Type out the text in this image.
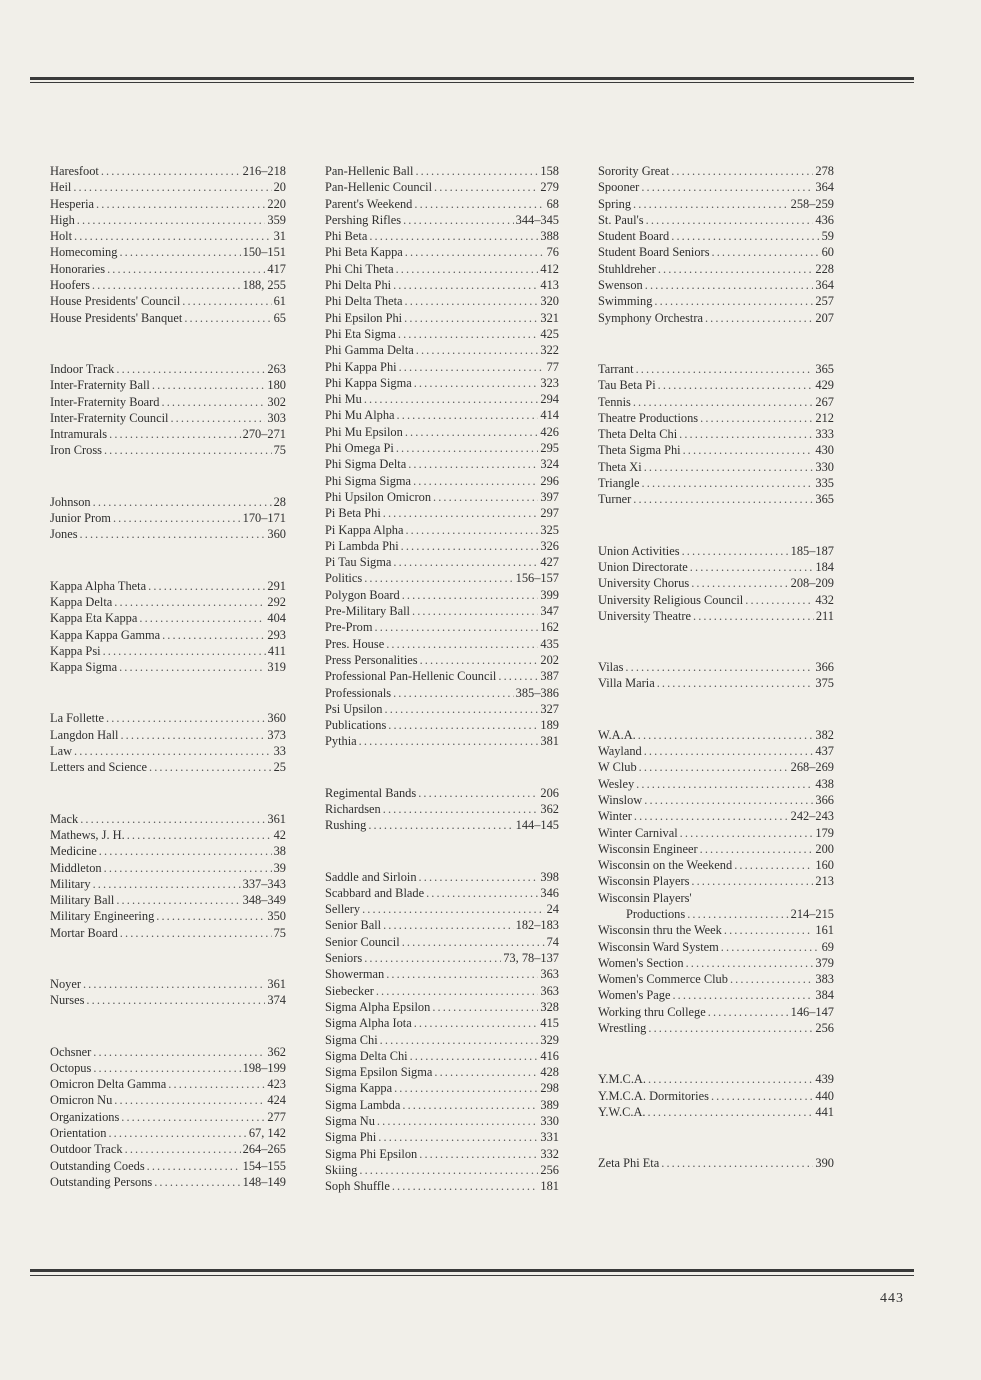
Haresfoot . . .	216–218
Heil . . .	20
Hesperia . . .	220
High . . .	359
Holt . . .	31
Homecoming . . .	150–151
Honoraries . . .	417
Hoofers . . .	188, 255
House Presidents' Council . . .	61
House Presidents' Banquet . . .	65
Indoor Track . . .	263
Inter-Fraternity Ball . . .	180
Inter-Fraternity Board . . .	302
Inter-Fraternity Council . . .	303
Intramurals . . .	270–271
Iron Cross . . .	75
Johnson . . .	28
Junior Prom . . .	170–171
Jones . . .	360
Kappa Alpha Theta . . .	291
Kappa Delta . . .	292
Kappa Eta Kappa . . .	404
Kappa Kappa Gamma . . .	293
Kappa Psi . . .	411
Kappa Sigma . . .	319
La Follette . . .	360
Langdon Hall . . .	373
Law . . .	33
Letters and Science . . .	25
Mack . . .	361
Mathews, J. H. . . .	42
Medicine . . .	38
Middleton . . .	39
Military . . .	337–343
Military Ball . . .	348–349
Military Engineering . . .	350
Mortar Board . . .	75
Noyer . . .	361
Nurses . . .	374
Ochsner . . .	362
Octopus . . .	198–199
Omicron Delta Gamma . . .	423
Omicron Nu . . .	424
Organizations . . .	277
Orientation . . .	67, 142
Outdoor Track . . .	264–265
Outstanding Coeds . . .	154–155
Outstanding Persons . . .	148–149
Pan-Hellenic Ball . . .	158
Pan-Hellenic Council . . .	279
Parent's Weekend . . .	68
Pershing Rifles . . .	344–345
Phi Beta . . .	388
Phi Beta Kappa . . .	76
Phi Chi Theta . . .	412
Phi Delta Phi . . .	413
Phi Delta Theta . . .	320
Phi Epsilon Phi . . .	321
Phi Eta Sigma . . .	425
Phi Gamma Delta . . .	322
Phi Kappa Phi . . .	77
Phi Kappa Sigma . . .	323
Phi Mu . . .	294
Phi Mu Alpha . . .	414
Phi Mu Epsilon . . .	426
Phi Omega Pi . . .	295
Phi Sigma Delta . . .	324
Phi Sigma Sigma . . .	296
Phi Upsilon Omicron . . .	397
Pi Beta Phi . . .	297
Pi Kappa Alpha . . .	325
Pi Lambda Phi . . .	326
Pi Tau Sigma . . .	427
Politics . . .	156–157
Polygon Board . . .	399
Pre-Military Ball . . .	347
Pre-Prom . . .	162
Pres. House . . .	435
Press Personalities . . .	202
Professional Pan-Hellenic Council . . .	387
Professionals . . .	385–386
Psi Upsilon . . .	327
Publications . . .	189
Pythia . . .	381
Regimental Bands . . .	206
Richardsen . . .	362
Rushing . . .	144–145
Saddle and Sirloin . . .	398
Scabbard and Blade . . .	346
Sellery . . .	24
Senior Ball . . .	182–183
Senior Council . . .	74
Seniors . . .	73, 78–137
Showerman . . .	363
Siebecker . . .	363
Sigma Alpha Epsilon . . .	328
Sigma Alpha Iota . . .	415
Sigma Chi . . .	329
Sigma Delta Chi . . .	416
Sigma Epsilon Sigma . . .	428
Sigma Kappa . . .	298
Sigma Lambda . . .	389
Sigma Nu . . .	330
Sigma Phi . . .	331
Sigma Phi Epsilon . . .	332
Skiing . . .	256
Soph Shuffle . . .	181
Sorority Great . . .	278
Spooner . . .	364
Spring . . .	258–259
St. Paul's . . .	436
Student Board . . .	59
Student Board Seniors . . .	60
Stuhldreher . . .	228
Swenson . . .	364
Swimming . . .	257
Symphony Orchestra . . .	207
Tarrant . . .	365
Tau Beta Pi . . .	429
Tennis . . .	267
Theatre Productions . . .	212
Theta Delta Chi . . .	333
Theta Sigma Phi . . .	430
Theta Xi . . .	330
Triangle . . .	335
Turner . . .	365
Union Activities . . .	185–187
Union Directorate . . .	184
University Chorus . . .	208–209
University Religious Council . . .	432
University Theatre . . .	211
Vilas . . .	366
Villa Maria . . .	375
W.A.A. . . .	382
Wayland . . .	437
W Club . . .	268–269
Wesley . . .	438
Winslow . . .	366
Winter . . .	242–243
Winter Carnival . . .	179
Wisconsin Engineer . . .	200
Wisconsin on the Weekend . . .	160
Wisconsin Players . . .	213
Wisconsin Players'
Productions . . .	214–215
Wisconsin thru the Week . . .	161
Wisconsin Ward System . . .	69
Women's Section . . .	379
Women's Commerce Club . . .	383
Women's Page . . .	384
Working thru College . . .	146–147
Wrestling . . .	256
Y.M.C.A. . . .	439
Y.M.C.A. Dormitories . . .	440
Y.W.C.A. . . .	441
Zeta Phi Eta . . .	390
443
